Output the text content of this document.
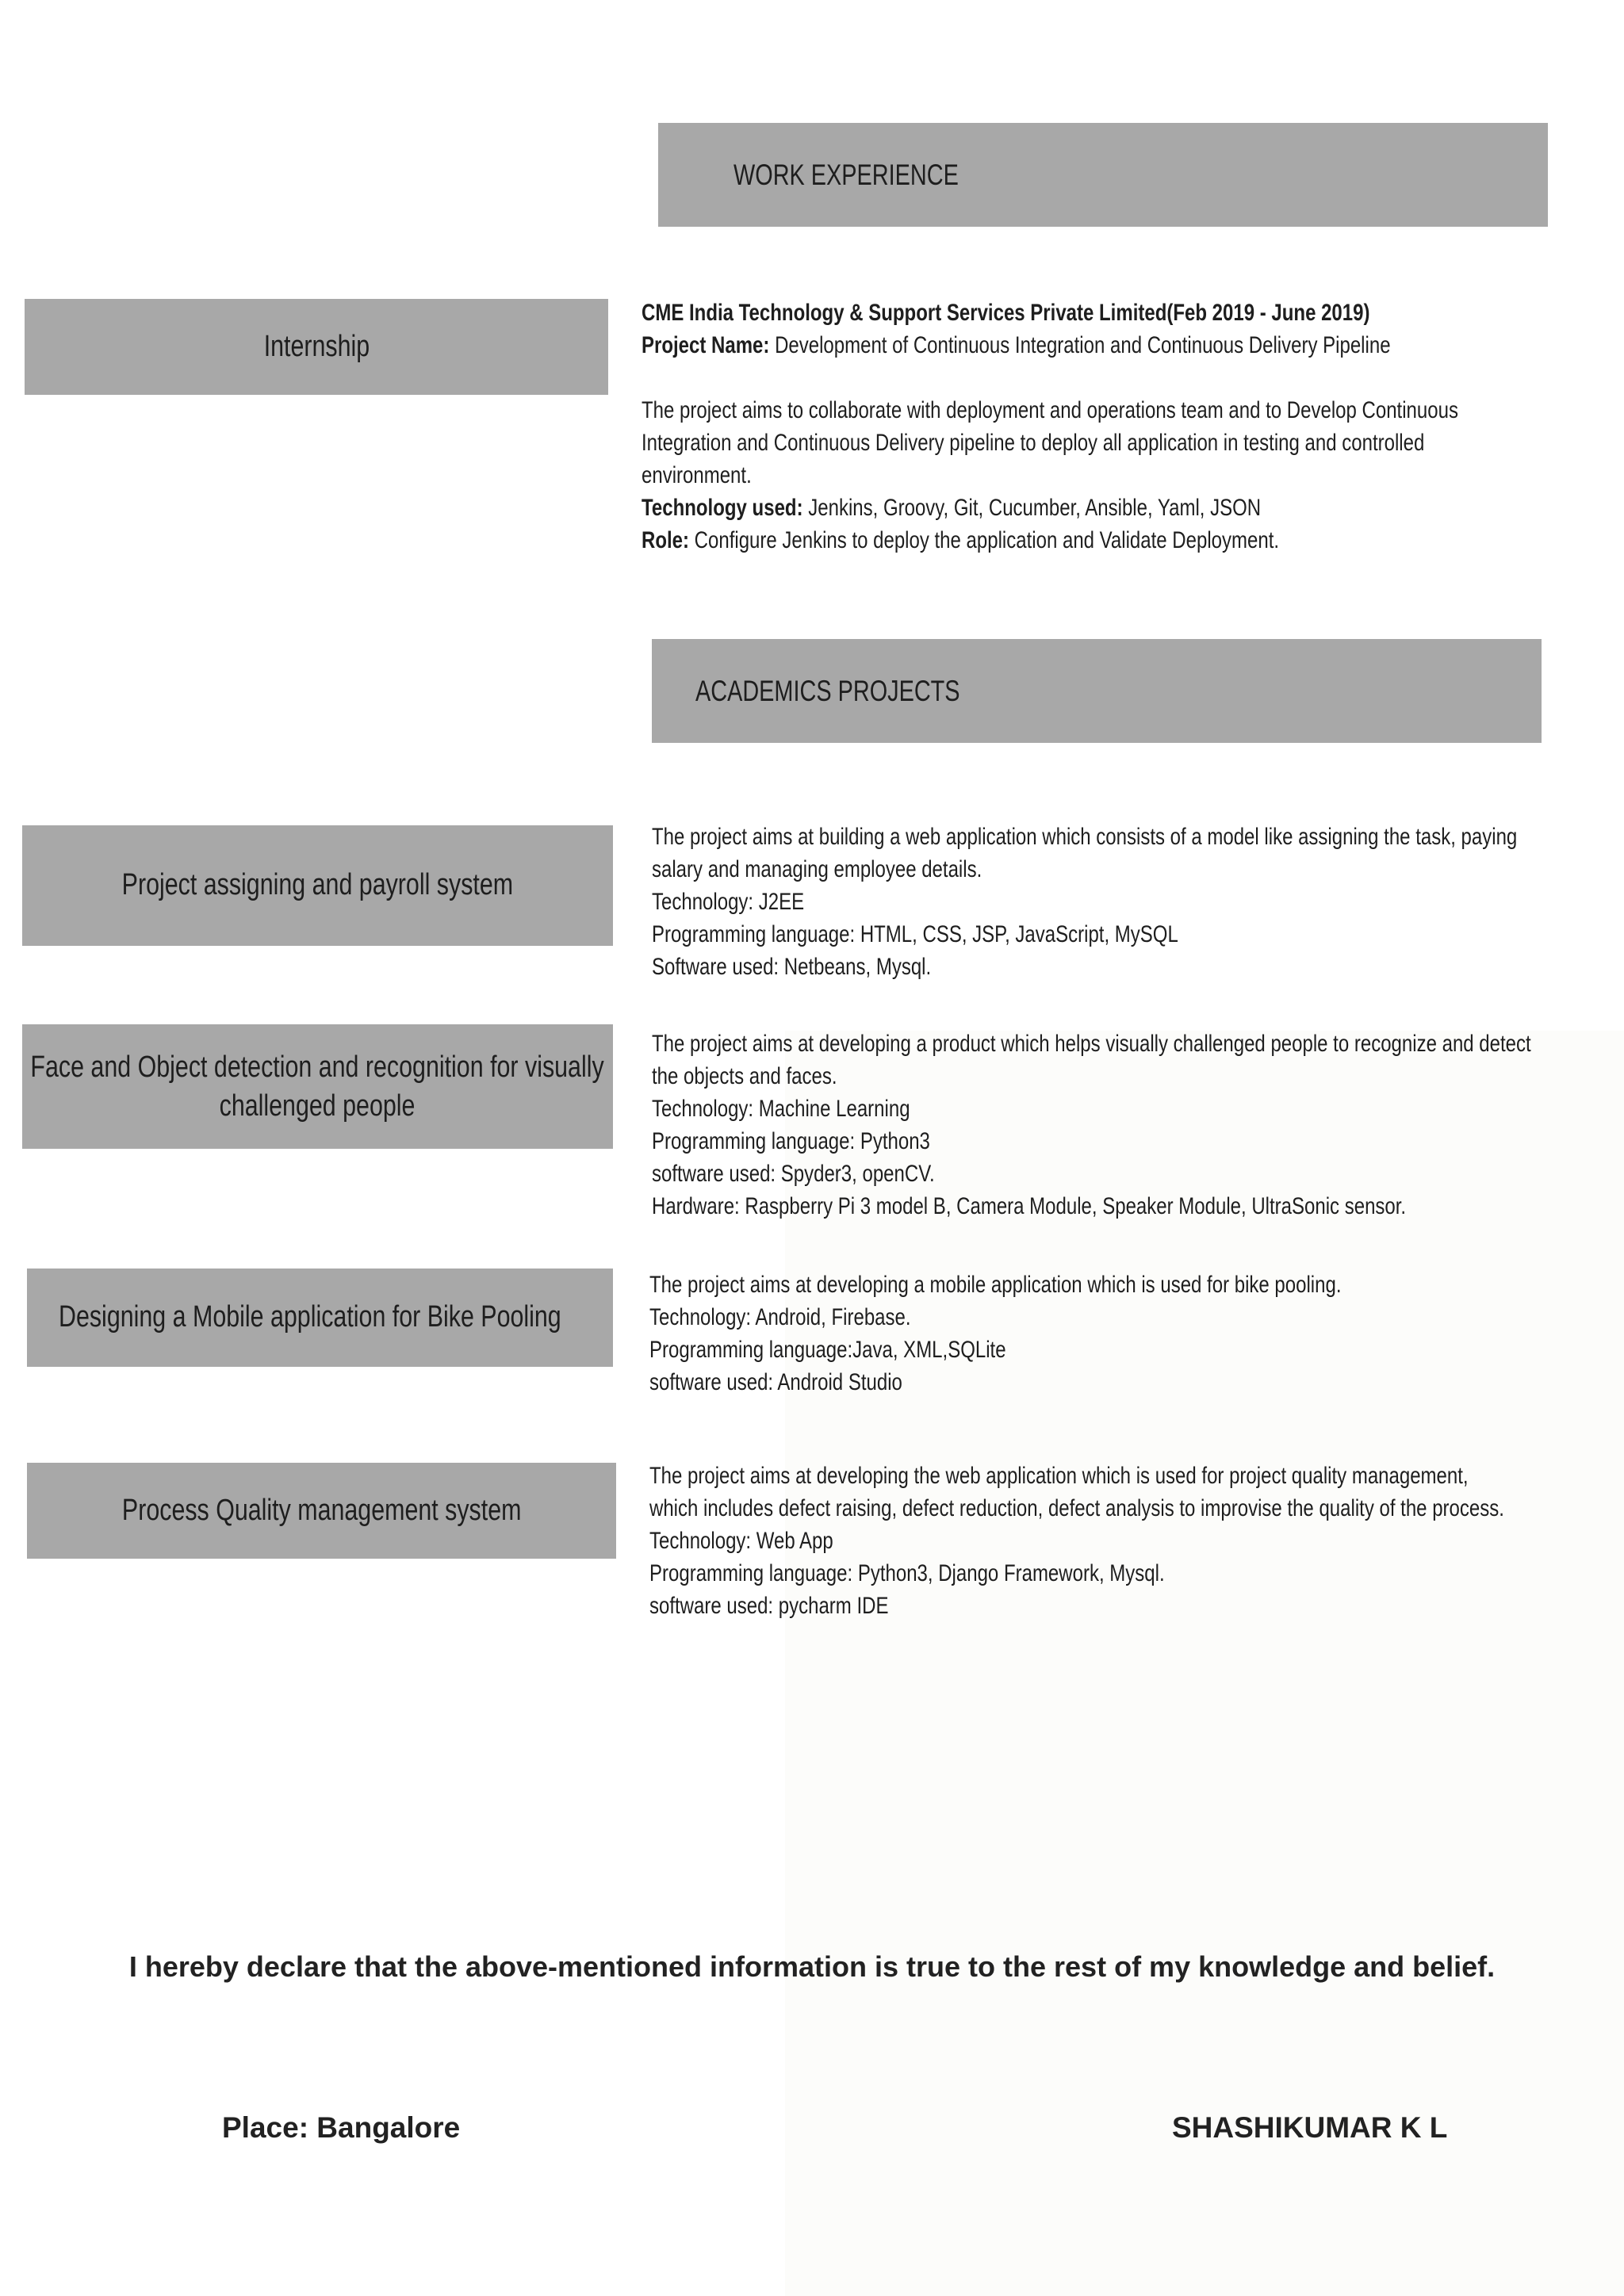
WORK EXPERIENCE
Internship

CME India Technology & Support Services Private Limited(Feb 2019 - June 2019)

Project Name: Development of Continuous Integration and Continuous Delivery Pipeline

The project aims to collaborate with deployment and operations team and to Develop Continuous

Integration and Continuous Delivery pipeline to deploy all application in testing and controlled

environment.

Technology used: Jenkins, Groovy, Git, Cucumber, Ansible, Yaml, JSON

Role: Configure Jenkins to deploy the application and Validate Deployment.

ACADEMICS PROJECTS
Project assigning and payroll system

The project aims at building a web application which consists of a model like assigning the task, paying

salary and managing employee details.

Technology: J2EE

Programming language: HTML, CSS, JSP, JavaScript, MySQL

Software used: Netbeans, Mysql.

Face and Object detection and recognition for visually
challenged people

The project aims at developing a product which helps visually challenged people to recognize and detect

the objects and faces.

Technology: Machine Learning

Programming language: Python3

software used: Spyder3, openCV.

Hardware: Raspberry Pi 3 model B, Camera Module, Speaker Module, UltraSonic sensor.

Designing a Mobile application for Bike Pooling

The project aims at developing a mobile application which is used for bike pooling.

Technology: Android, Firebase.

Programming language:Java, XML,SQLite

software used: Android Studio

Process Quality management system

The project aims at developing the web application which is used for project quality management,

which includes defect raising, defect reduction, defect analysis to improvise the quality of the process.

Technology: Web App

Programming language: Python3, Django Framework, Mysql.

software used: pycharm IDE

I hereby declare that the above-mentioned information is true to the rest of my knowledge and belief.
Place: Bangalore	SHASHIKUMAR K L
